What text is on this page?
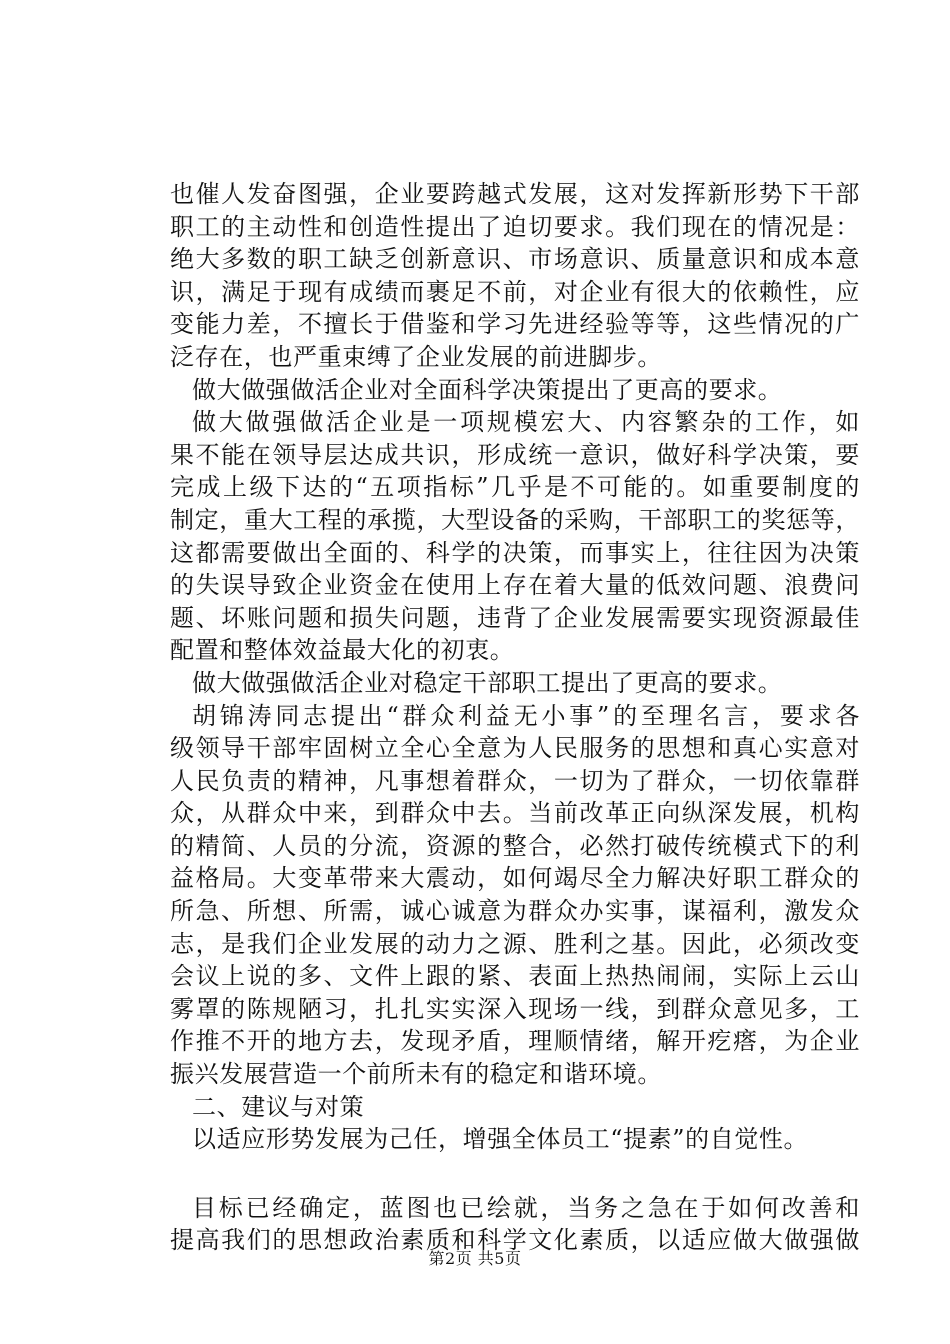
也催人发奋图强，企业要跨越式发展，这对发挥新形势下干部
职工的主动性和创造性提出了迫切要求。我们现在的情况是：
绝大多数的职工缺乏创新意识、市场意识、质量意识和成本意
识，满足于现有成绩而裹足不前，对企业有很大的依赖性，应
变能力差，不擅长于借鉴和学习先进经验等等，这些情况的广
泛存在，也严重束缚了企业发展的前进脚步。
做大做强做活企业对全面科学决策提出了更高的要求。
做大做强做活企业是一项规模宏大、内容繁杂的工作，如
果不能在领导层达成共识，形成统一意识，做好科学决策，要
完成上级下达的“五项指标”几乎是不可能的。如重要制度的
制定，重大工程的承揽，大型设备的采购，干部职工的奖惩等，
这都需要做出全面的、科学的决策，而事实上，往往因为决策
的失误导致企业资金在使用上存在着大量的低效问题、浪费问
题、坏账问题和损失问题，违背了企业发展需要实现资源最佳
配置和整体效益最大化的初衷。
做大做强做活企业对稳定干部职工提出了更高的要求。
胡锦涛同志提出“群众利益无小事”的至理名言，要求各
级领导干部牢固树立全心全意为人民服务的思想和真心实意对
人民负责的精神，凡事想着群众，一切为了群众，一切依靠群
众，从群众中来，到群众中去。当前改革正向纵深发展，机构
的精简、人员的分流，资源的整合，必然打破传统模式下的利
益格局。大变革带来大震动，如何竭尽全力解决好职工群众的
所急、所想、所需，诚心诚意为群众办实事，谋福利，激发众
志，是我们企业发展的动力之源、胜利之基。因此，必须改变
会议上说的多、文件上跟的紧、表面上热热闹闹，实际上云山
雾罩的陈规陋习，扎扎实实深入现场一线，到群众意见多，工
作推不开的地方去，发现矛盾，理顺情绪，解开疙瘩，为企业
振兴发展营造一个前所未有的稳定和谐环境。
二、建议与对策
以适应形势发展为己任，增强全体员工“提素”的自觉性。
目标已经确定，蓝图也已绘就，当务之急在于如何改善和
提高我们的思想政治素质和科学文化素质，以适应做大做强做
第2页 共5页
